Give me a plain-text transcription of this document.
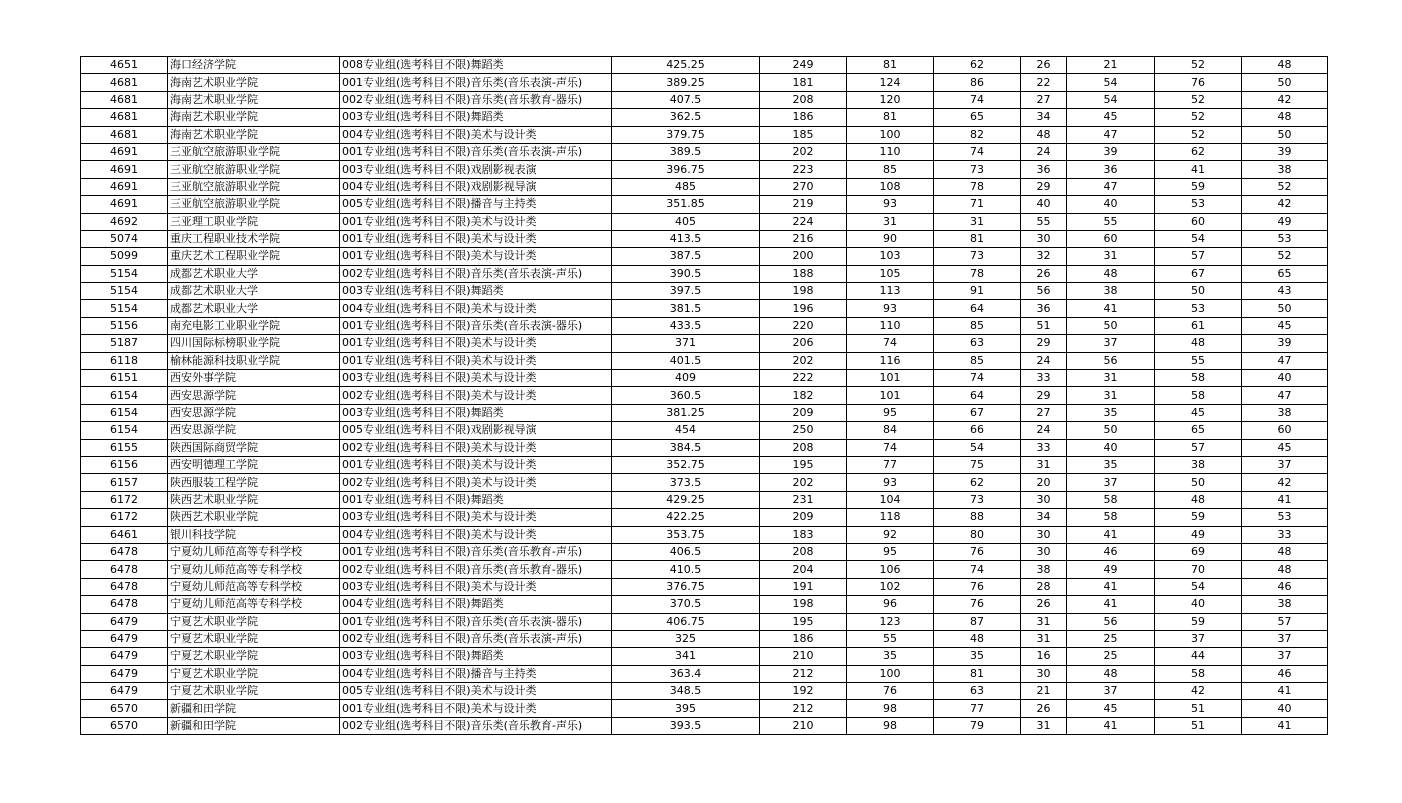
4651	海口经济学院	008专业组(选考科目不限)舞蹈类	425.25	249	81	62	26	21	52	48
4681	海南艺术职业学院	001专业组(选考科目不限)音乐类(音乐表演-声乐)	389.25	181	124	86	22	54	76	50
4681	海南艺术职业学院	002专业组(选考科目不限)音乐类(音乐教育-器乐)	407.5	208	120	74	27	54	52	42
4681	海南艺术职业学院	003专业组(选考科目不限)舞蹈类	362.5	186	81	65	34	45	52	48
4681	海南艺术职业学院	004专业组(选考科目不限)美术与设计类	379.75	185	100	82	48	47	52	50
4691	三亚航空旅游职业学院	001专业组(选考科目不限)音乐类(音乐表演-声乐)	389.5	202	110	74	24	39	62	39
4691	三亚航空旅游职业学院	003专业组(选考科目不限)戏剧影视表演	396.75	223	85	73	36	36	41	38
4691	三亚航空旅游职业学院	004专业组(选考科目不限)戏剧影视导演	485	270	108	78	29	47	59	52
4691	三亚航空旅游职业学院	005专业组(选考科目不限)播音与主持类	351.85	219	93	71	40	40	53	42
4692	三亚理工职业学院	001专业组(选考科目不限)美术与设计类	405	224	31	31	55	55	60	49
5074	重庆工程职业技术学院	001专业组(选考科目不限)美术与设计类	413.5	216	90	81	30	60	54	53
5099	重庆艺术工程职业学院	001专业组(选考科目不限)美术与设计类	387.5	200	103	73	32	31	57	52
5154	成都艺术职业大学	002专业组(选考科目不限)音乐类(音乐表演-声乐)	390.5	188	105	78	26	48	67	65
5154	成都艺术职业大学	003专业组(选考科目不限)舞蹈类	397.5	198	113	91	56	38	50	43
5154	成都艺术职业大学	004专业组(选考科目不限)美术与设计类	381.5	196	93	64	36	41	53	50
5156	南充电影工业职业学院	001专业组(选考科目不限)音乐类(音乐表演-器乐)	433.5	220	110	85	51	50	61	45
5187	四川国际标榜职业学院	001专业组(选考科目不限)美术与设计类	371	206	74	63	29	37	48	39
6118	榆林能源科技职业学院	001专业组(选考科目不限)美术与设计类	401.5	202	116	85	24	56	55	47
6151	西安外事学院	003专业组(选考科目不限)美术与设计类	409	222	101	74	33	31	58	40
6154	西安思源学院	002专业组(选考科目不限)美术与设计类	360.5	182	101	64	29	31	58	47
6154	西安思源学院	003专业组(选考科目不限)舞蹈类	381.25	209	95	67	27	35	45	38
6154	西安思源学院	005专业组(选考科目不限)戏剧影视导演	454	250	84	66	24	50	65	60
6155	陕西国际商贸学院	002专业组(选考科目不限)美术与设计类	384.5	208	74	54	33	40	57	45
6156	西安明德理工学院	001专业组(选考科目不限)美术与设计类	352.75	195	77	75	31	35	38	37
6157	陕西服装工程学院	002专业组(选考科目不限)美术与设计类	373.5	202	93	62	20	37	50	42
6172	陕西艺术职业学院	001专业组(选考科目不限)舞蹈类	429.25	231	104	73	30	58	48	41
6172	陕西艺术职业学院	003专业组(选考科目不限)美术与设计类	422.25	209	118	88	34	58	59	53
6461	银川科技学院	004专业组(选考科目不限)美术与设计类	353.75	183	92	80	30	41	49	33
6478	宁夏幼儿师范高等专科学校	001专业组(选考科目不限)音乐类(音乐教育-声乐)	406.5	208	95	76	30	46	69	48
6478	宁夏幼儿师范高等专科学校	002专业组(选考科目不限)音乐类(音乐教育-器乐)	410.5	204	106	74	38	49	70	48
6478	宁夏幼儿师范高等专科学校	003专业组(选考科目不限)美术与设计类	376.75	191	102	76	28	41	54	46
6478	宁夏幼儿师范高等专科学校	004专业组(选考科目不限)舞蹈类	370.5	198	96	76	26	41	40	38
6479	宁夏艺术职业学院	001专业组(选考科目不限)音乐类(音乐表演-器乐)	406.75	195	123	87	31	56	59	57
6479	宁夏艺术职业学院	002专业组(选考科目不限)音乐类(音乐表演-声乐)	325	186	55	48	31	25	37	37
6479	宁夏艺术职业学院	003专业组(选考科目不限)舞蹈类	341	210	35	35	16	25	44	37
6479	宁夏艺术职业学院	004专业组(选考科目不限)播音与主持类	363.4	212	100	81	30	48	58	46
6479	宁夏艺术职业学院	005专业组(选考科目不限)美术与设计类	348.5	192	76	63	21	37	42	41
6570	新疆和田学院	001专业组(选考科目不限)美术与设计类	395	212	98	77	26	45	51	40
6570	新疆和田学院	002专业组(选考科目不限)音乐类(音乐教育-声乐)	393.5	210	98	79	31	41	51	41
